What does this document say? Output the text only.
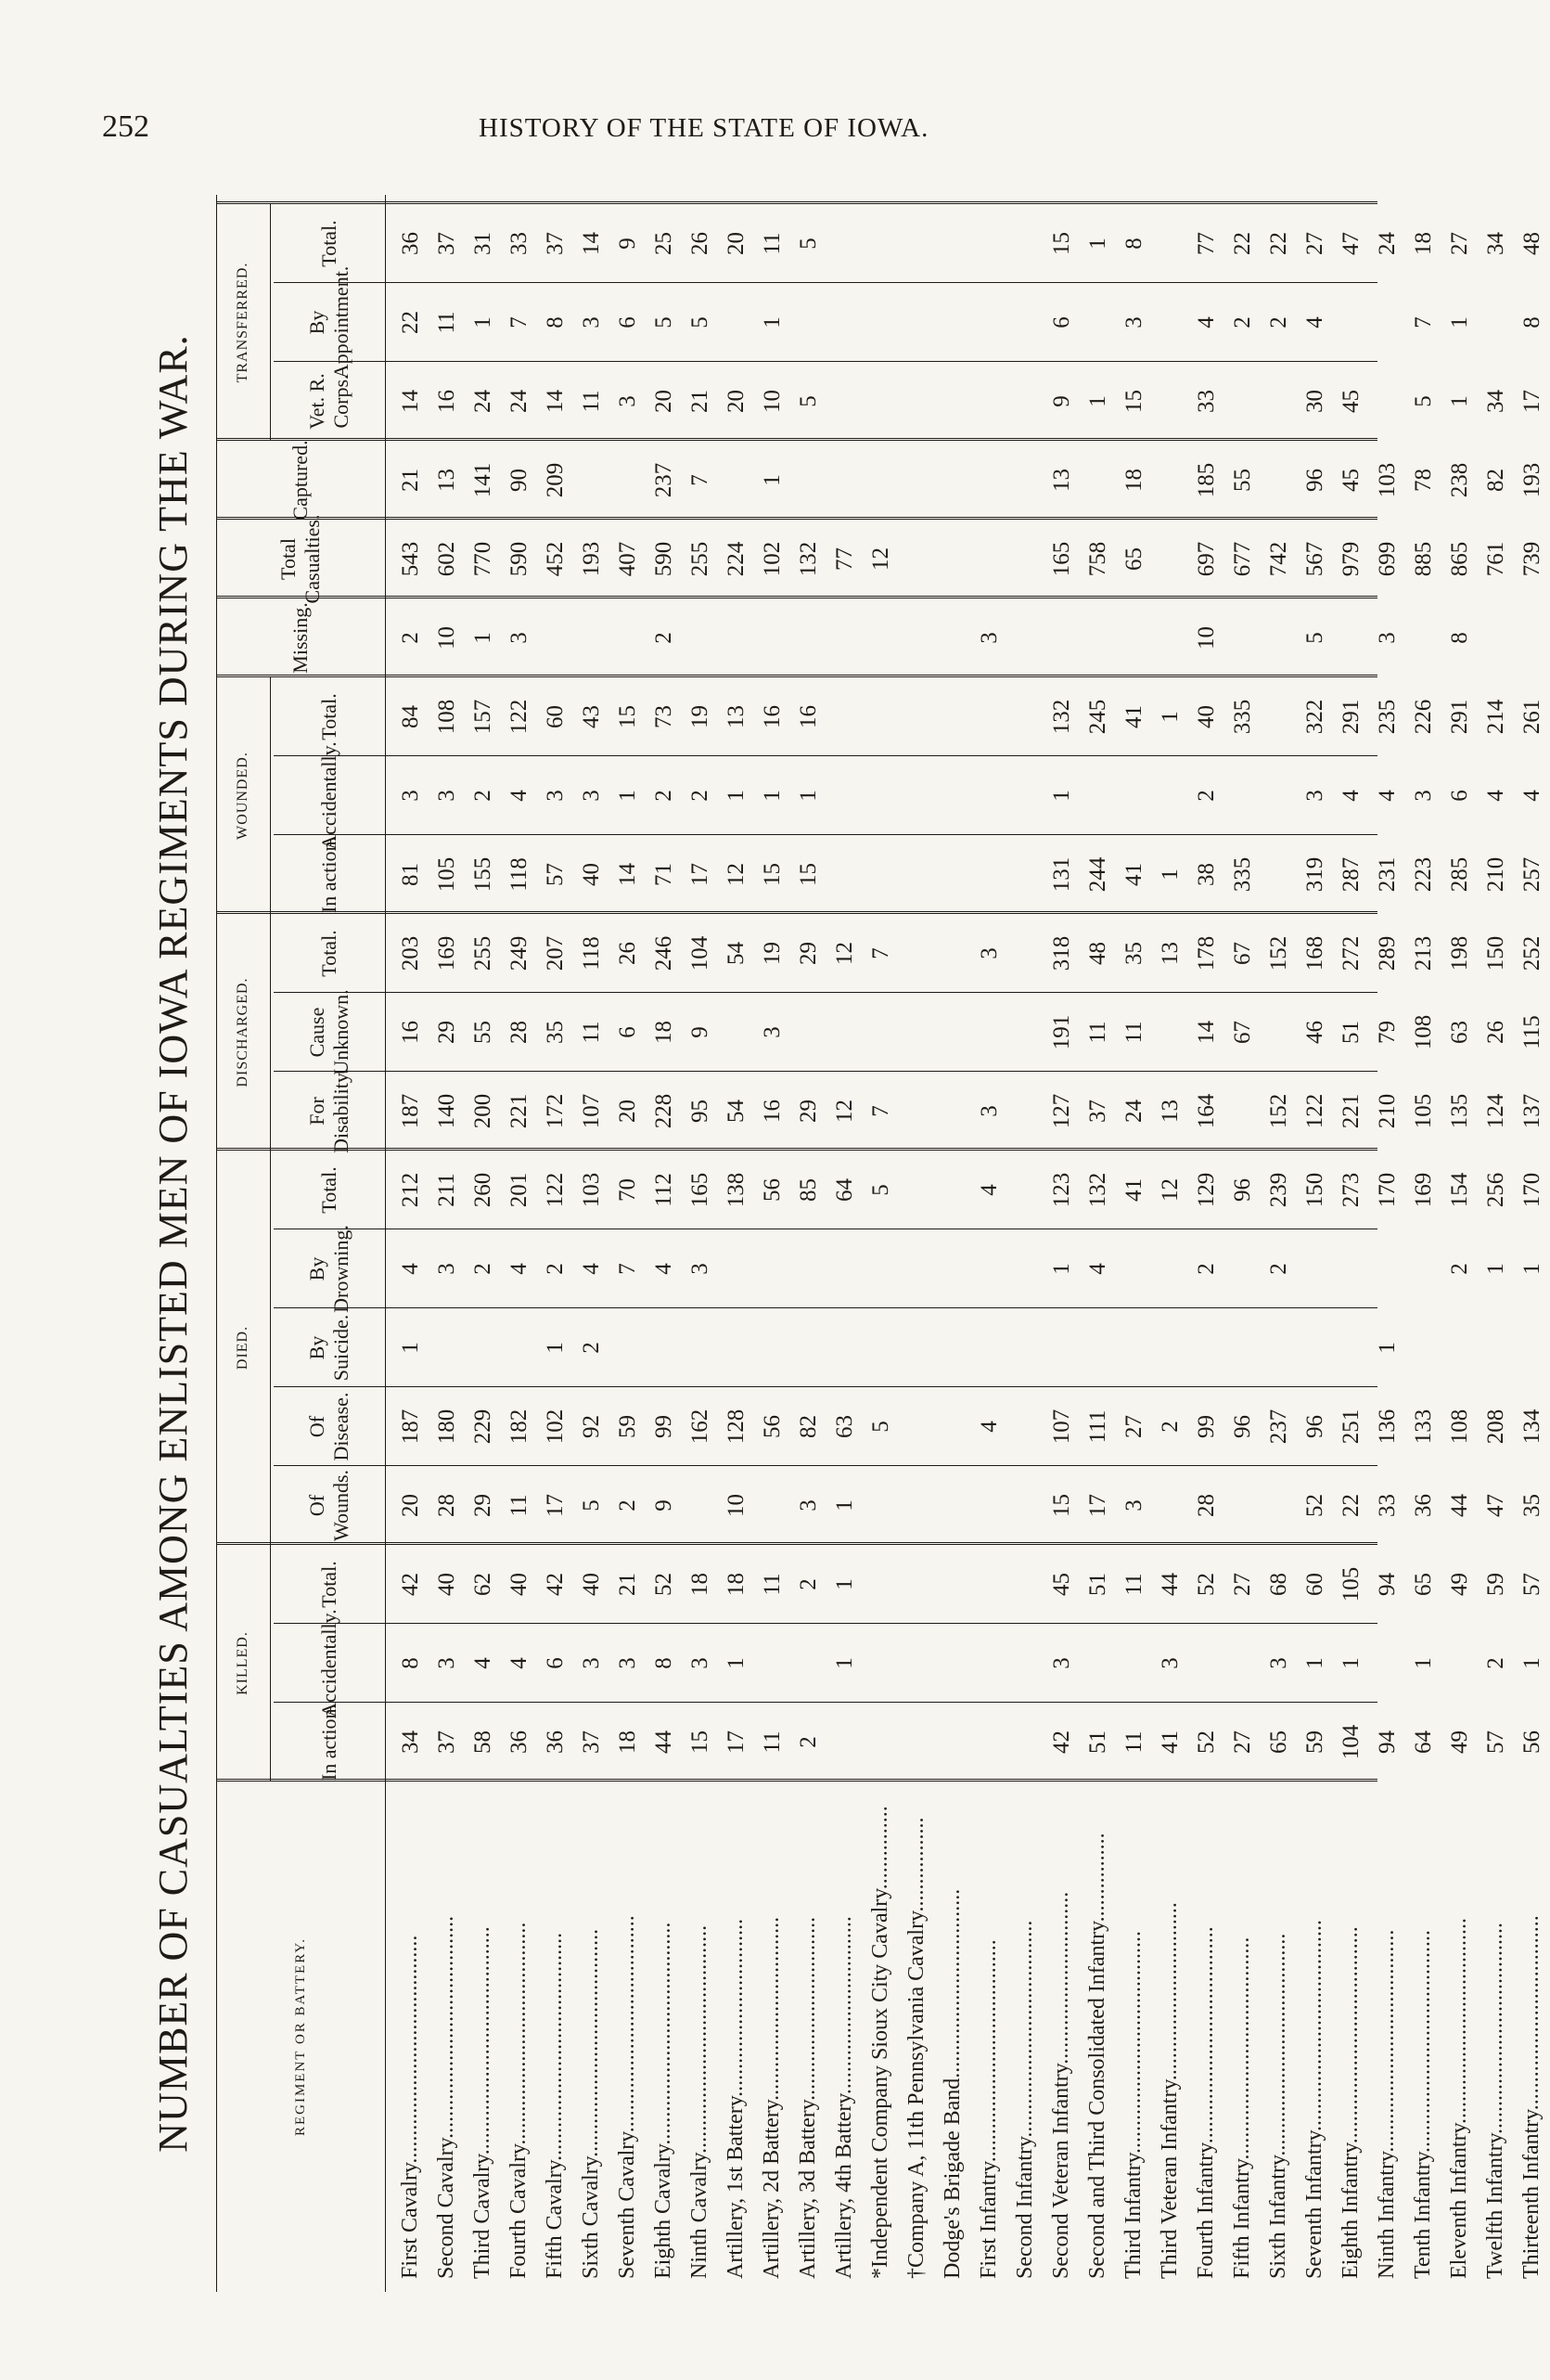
252	HISTORY OF THE STATE OF IOWA.
NUMBER OF CASUALTIES AMONG ENLISTED MEN OF IOWA REGIMENTS DURING THE WAR.	REGIMENT OR BATTERY.
KILLED.
DIED.
DISCHARGED.
WOUNDED.
TRANSFERRED.
In action.
Accidentally.
Total.
Of Wounds.
Of Disease.
By Suicide.
By Drowning.
Total.
For Disability.
Cause Unknown.
Total.
In action.
Accidentally.
Total.
Missing.
Total Casualties.
Captured.
Vet. R. Corps.
By Appointment.
Total.
First Cavalry.........................................
34
8
42
20
187
1
4
212
187
16
203
81
3
84
2
543
21
14
22
36
Second Cavalry........................................
37
3
40
28
180
3
211
140
29
169
105
3
108
10
602
13
16
11
37
Third Cavalry.........................................
58
4
62
29
229
2
260
200
55
255
155
2
157
1
770
141
24
1
31
Fourth Cavalry........................................
36
4
40
11
182
4
201
221
28
249
118
4
122
3
590
90
24
7
33
Fifth Cavalry.........................................
36
6
42
17
102
1
2
122
172
35
207
57
3
60
452
209
14
8
37
Sixth Cavalry.........................................
37
3
40
5
92
2
4
103
107
11
118
40
3
43
193
11
3
14
Seventh Cavalry.......................................
18
3
21
2
59
7
70
20
6
26
14
1
15
407
3
6
9
Eighth Cavalry........................................
44
8
52
9
99
4
112
228
18
246
71
2
73
2
590
237
20
5
25
Ninth Cavalry.........................................
15
3
18
162
3
165
95
9
104
17
2
19
255
7
21
5
26
Artillery, 1st Battery................................
17
1
18
10
128
138
54
54
12
1
13
224
20
20
Artillery, 2d Battery.................................
11
11
56
56
16
3
19
15
1
16
102
1
10
1
11
Artillery, 3d Battery.................................
2
2
3
82
85
29
29
15
1
16
132
5
5
Artillery, 4th Battery................................
1
1
1
63
64
12
12
77
*Independent Company Sioux City Cavalry...............
5
5
7
7
12
†Company A, 11th Pennsylvania Cavalry................. Dodge's Brigade Band.................................. First Infantry........................................
4
4
3
3
3
Second Infantry....................................... Second Veteran Infantry...............................
42
3
45
15
107
1
123
127
191
318
131
1
132
165
13
9
6
15
Second and Third Consolidated Infantry................
51
51
17
111
4
132
37
11
48
244
245
758
1
1
Third Infantry........................................
11
11
3
27
41
24
11
35
41
41
65
18
15
3
8
Third Veteran Infantry................................
41
3
44
2
12
13
13
1
1
Fourth Infantry.......................................
52
52
28
99
2
129
164
14
178
38
2
40
10
697
185
33
4
77
Fifth Infantry........................................
27
27
96
96
67
67
335
335
677
55
2
22
Sixth Infantry........................................
65
3
68
237
2
239
152
152
742
2
22
Seventh Infantry......................................
59
1
60
52
96
150
122
46
168
319
3
322
5
567
96
30
4
27
Eighth Infantry.......................................
104
1
105
22
251
273
221
51
272
287
4
291
979
45
45
47
Ninth Infantry........................................
94
94
33
136
1
170
210
79
289
231
4
235
3
699
103
24
Tenth Infantry........................................
64
1
65
36
133
169
105
108
213
223
3
226
885
78
5
7
18
Eleventh Infantry.....................................
49
49
44
108
2
154
135
63
198
285
6
291
8
865
238
1
1
27
Twelfth Infantry......................................
57
2
59
47
208
1
256
124
26
150
210
4
214
761
82
34
34
Thirteenth Infantry...................................
56
1
57
35
134
1
170
137
115
252
257
4
261
739
193
17
8
48
